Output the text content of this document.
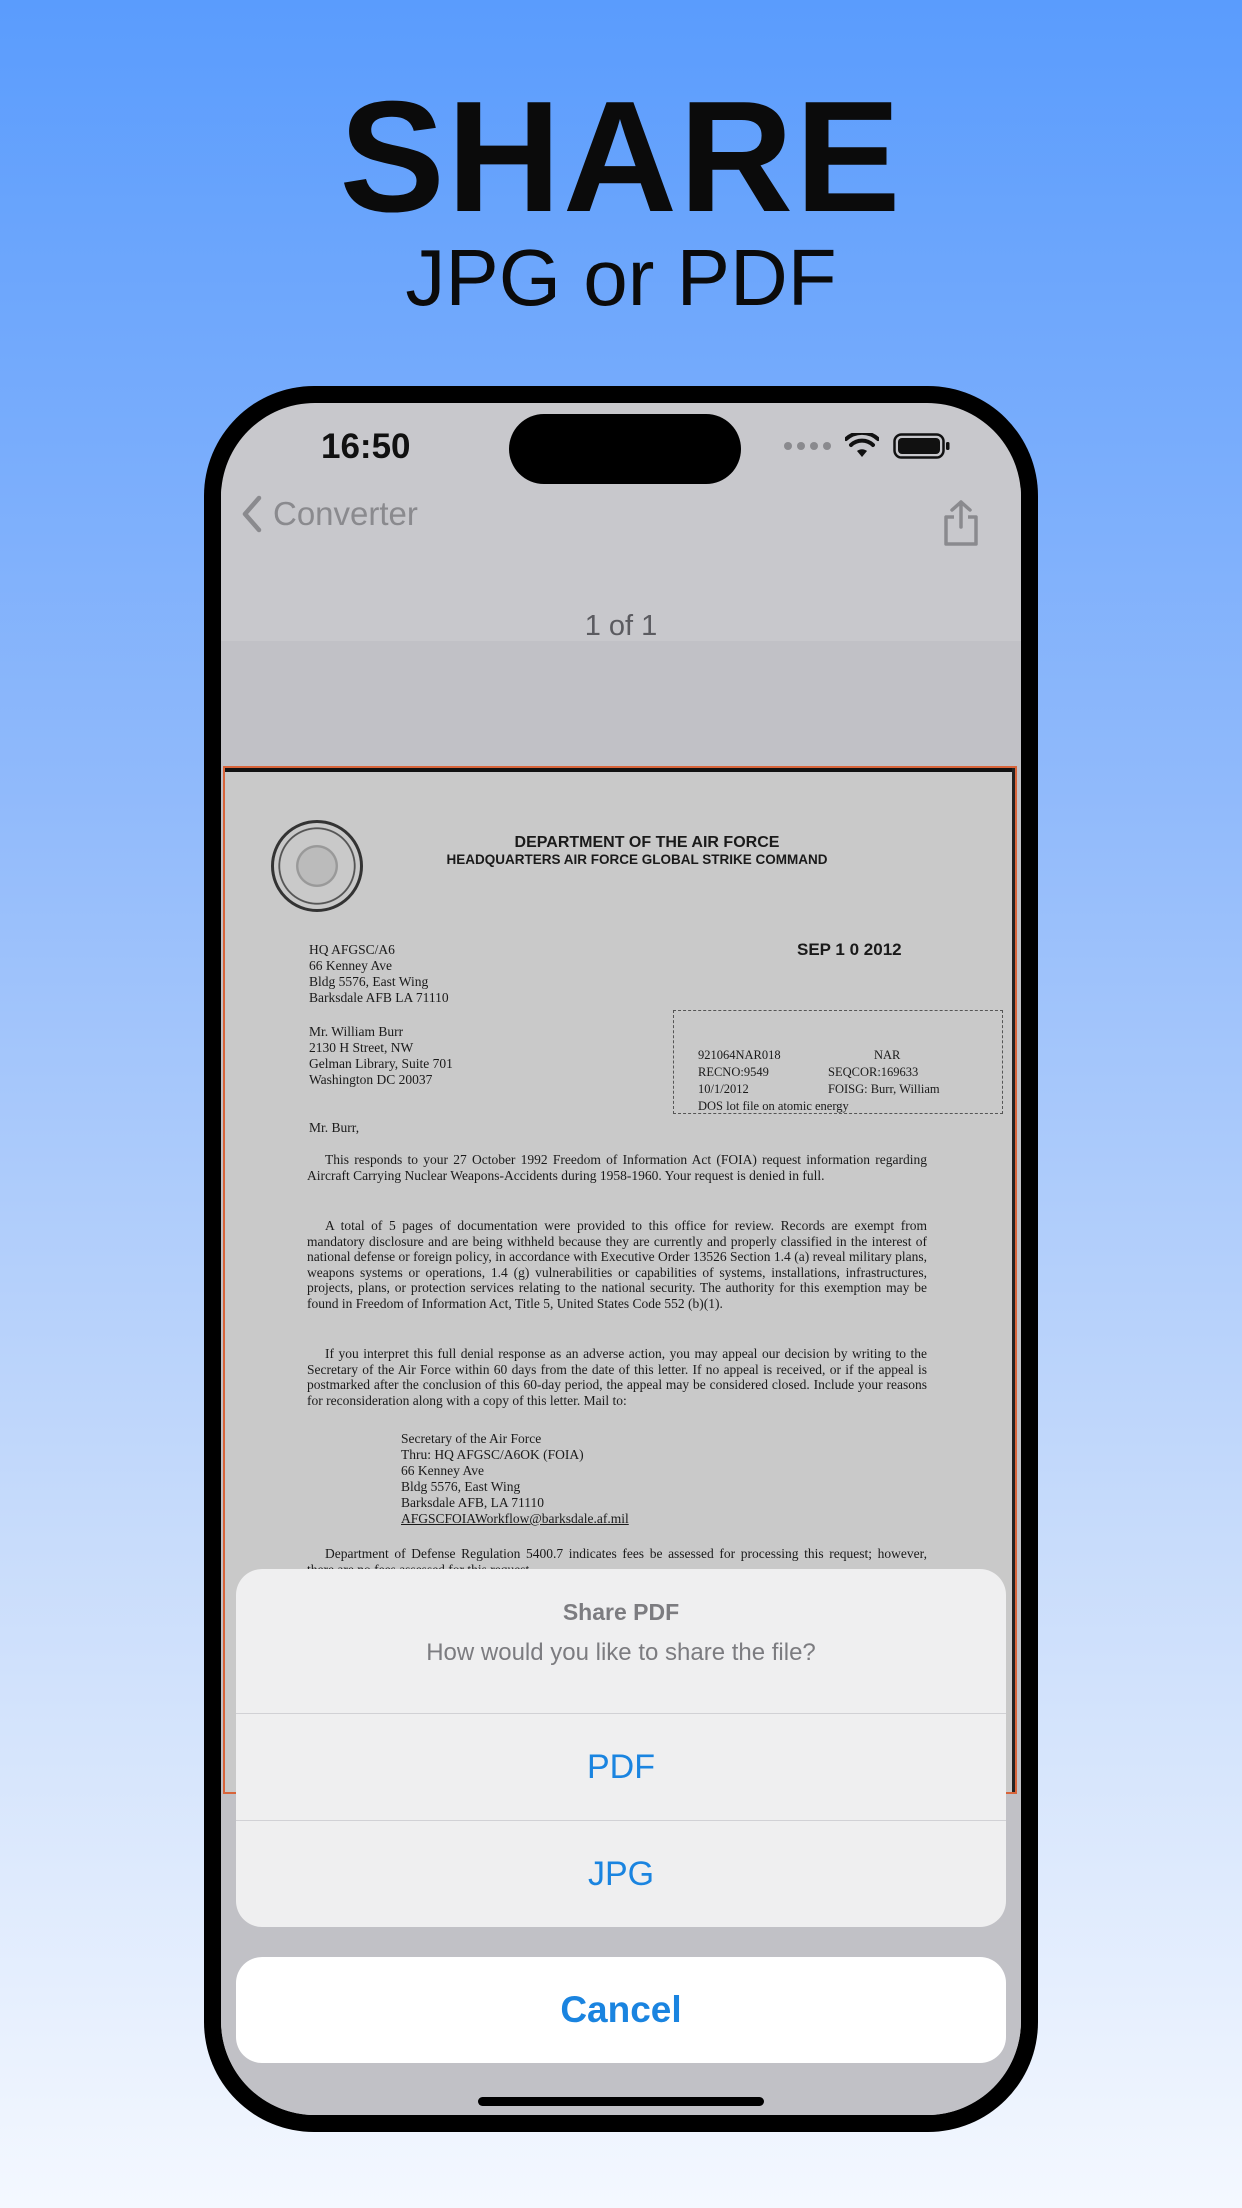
SHARE
JPG or PDF
16:50
Converter
1 of 1
DEPARTMENT OF THE AIR FORCE
HEADQUARTERS AIR FORCE GLOBAL STRIKE COMMAND
HQ AFGSC/A6
66 Kenney Ave
Bldg 5576, East Wing
Barksdale AFB LA 71110
SEP 1 0 2012
Mr. William Burr
2130 H Street, NW
Gelman Library, Suite 701
Washington DC 20037
921064NAR018	NAR
RECNO:9549	SEQCOR:169633
10/1/2012	FOISG: Burr, William
DOS lot file on atomic energy
Mr. Burr,
This responds to your 27 October 1992 Freedom of Information Act (FOIA) request information regarding Aircraft Carrying Nuclear Weapons-Accidents during 1958-1960. Your request is denied in full.
A total of 5 pages of documentation were provided to this office for review. Records are exempt from mandatory disclosure and are being withheld because they are currently and properly classified in the interest of national defense or foreign policy, in accordance with Executive Order 13526 Section 1.4 (a) reveal military plans, weapons systems or operations, 1.4 (g) vulnerabilities or capabilities of systems, installations, infrastructures, projects, plans, or protection services relating to the national security. The authority for this exemption may be found in Freedom of Information Act, Title 5, United States Code 552 (b)(1).
If you interpret this full denial response as an adverse action, you may appeal our decision by writing to the Secretary of the Air Force within 60 days from the date of this letter. If no appeal is received, or if the appeal is postmarked after the conclusion of this 60-day period, the appeal may be considered closed. Include your reasons for reconsideration along with a copy of this letter. Mail to:
Secretary of the Air Force
Thru: HQ AFGSC/A6OK (FOIA)
66 Kenney Ave
Bldg 5576, East Wing
Barksdale AFB, LA 71110
AFGSCFOIAWorkflow@barksdale.af.mil
Department of Defense Regulation 5400.7 indicates fees be assessed for processing this request; however,
Share PDF
How would you like to share the file?
PDF
JPG
Cancel
